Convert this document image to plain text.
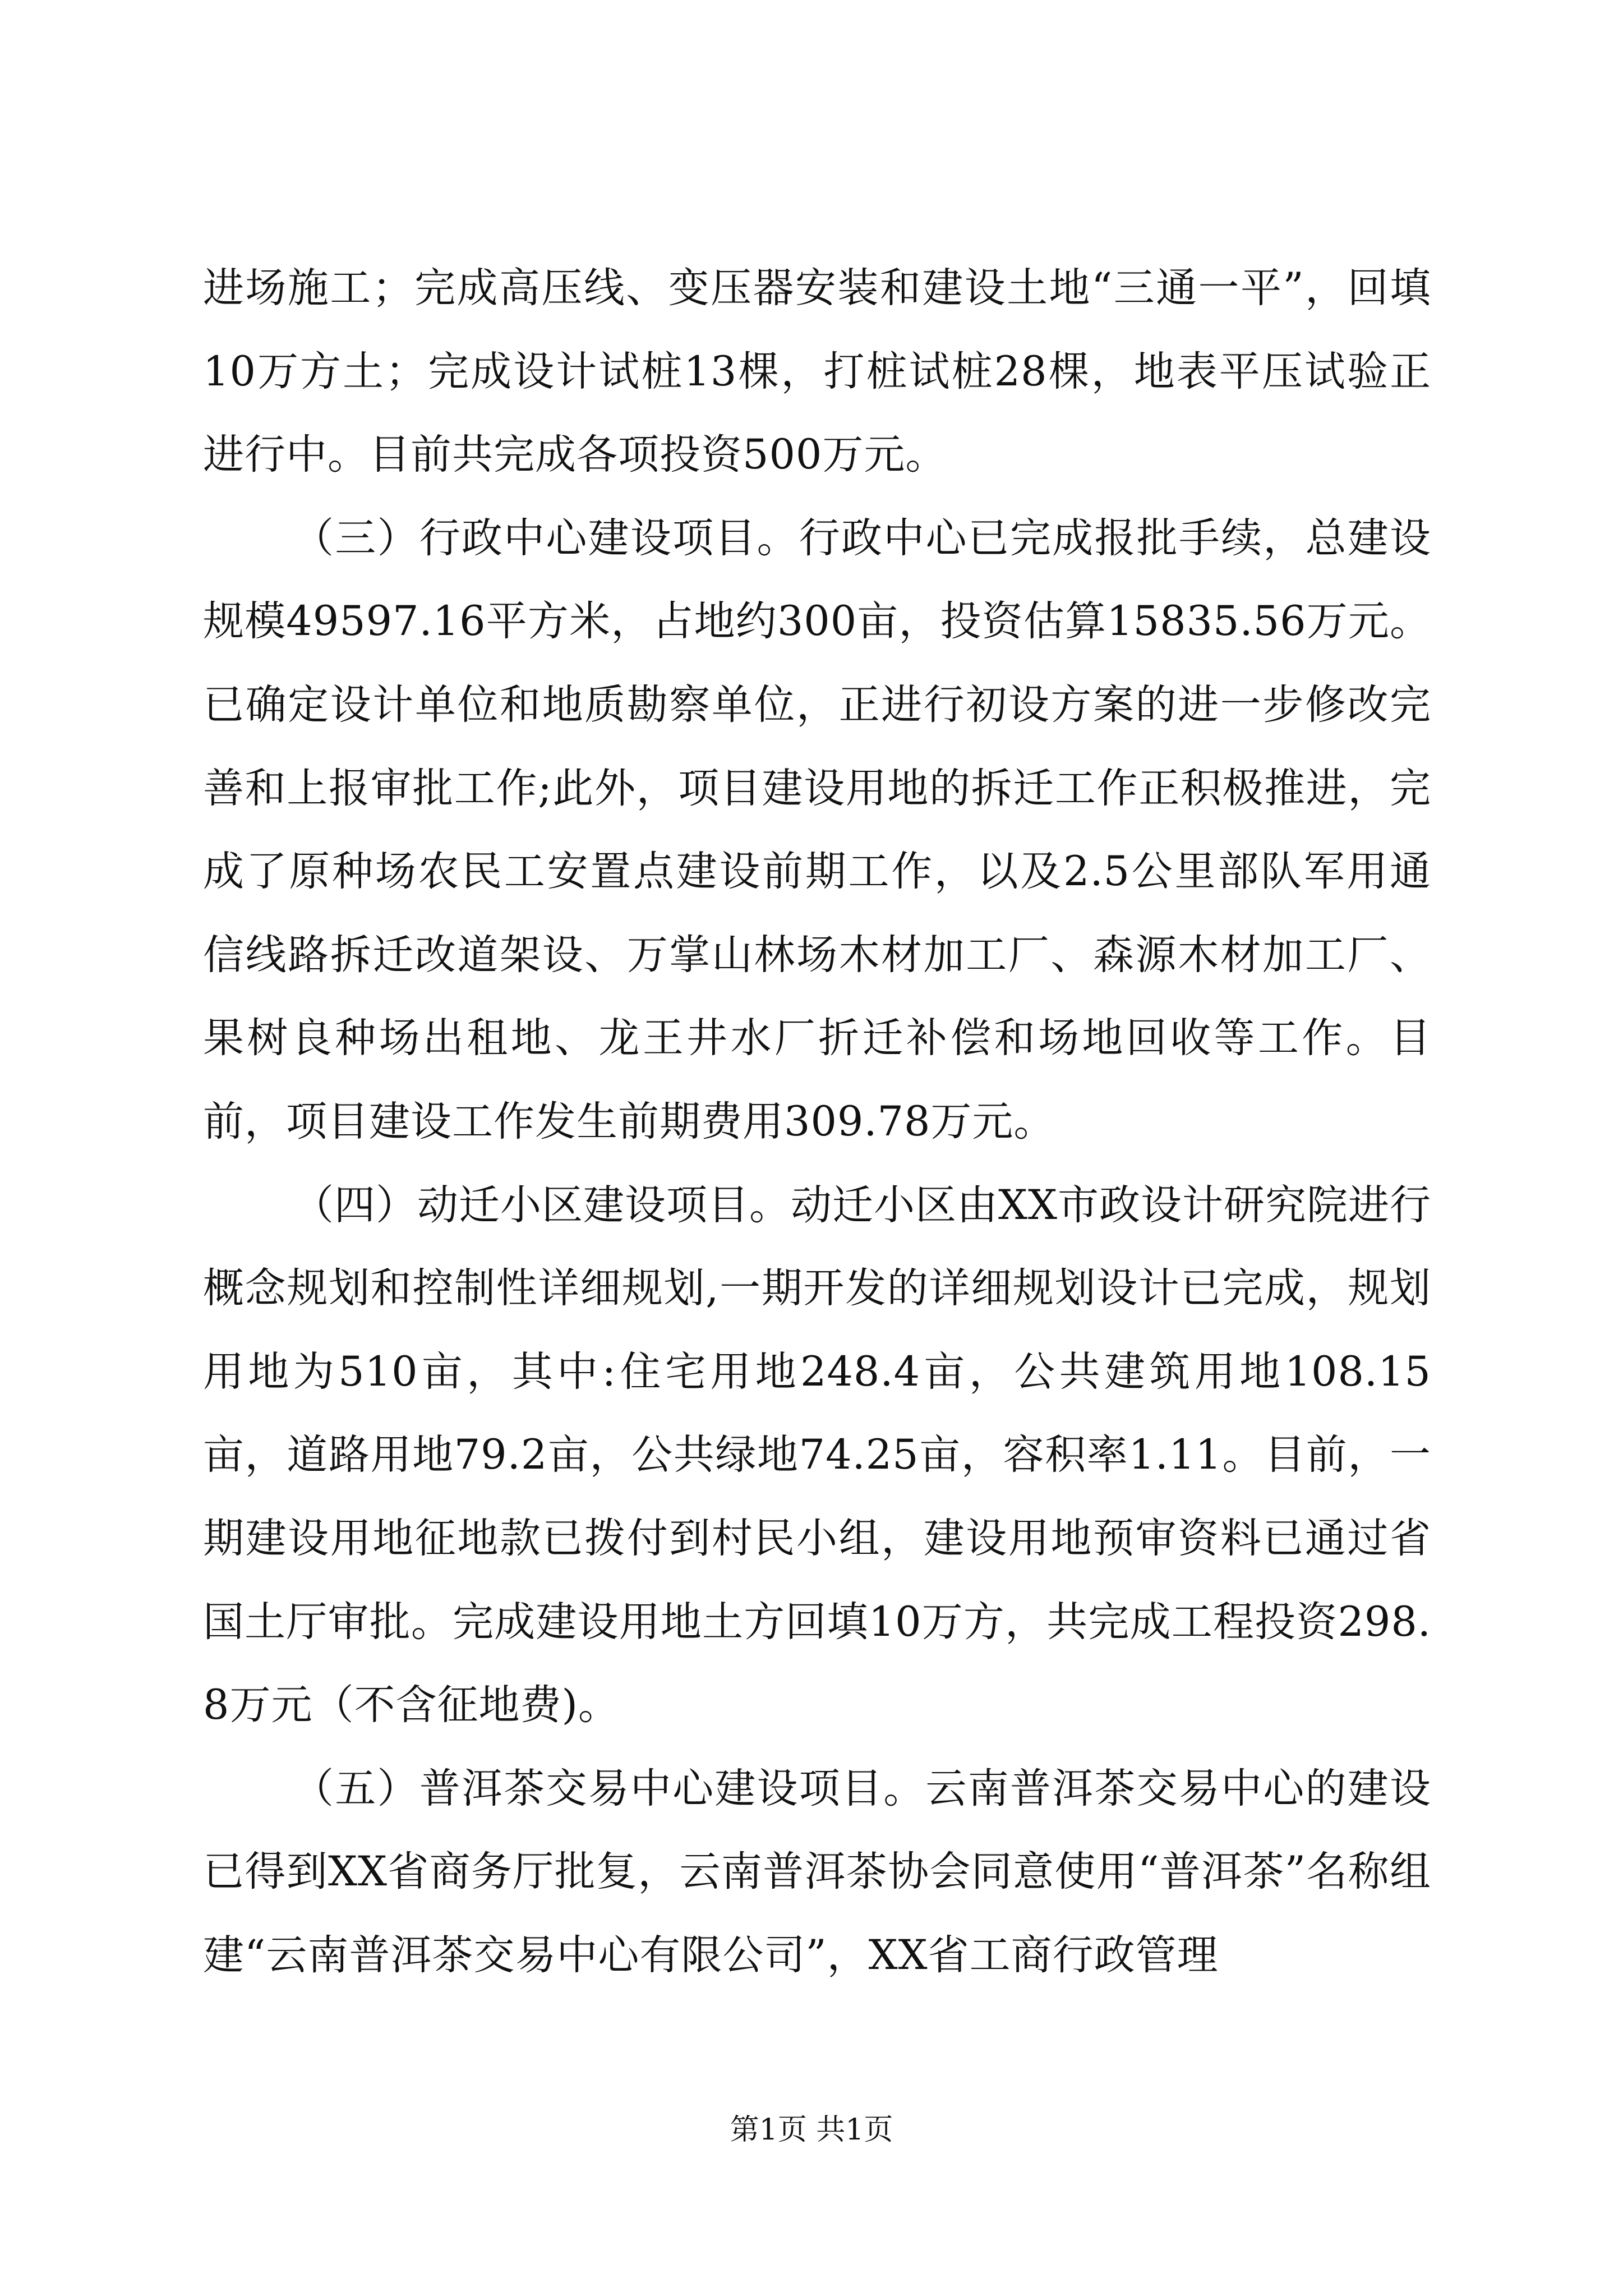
进场施工；完成高压线、变压器安装和建设土地“三通一平”，回填10万方土；完成设计试桩13棵，打桩试桩28棵，地表平压试验正进行中。目前共完成各项投资500万元。

（三）行政中心建设项目。行政中心已完成报批手续，总建设规模49597.16平方米，占地约300亩，投资估算15835.56万元。已确定设计单位和地质勘察单位，正进行初设方案的进一步修改完善和上报审批工作;此外，项目建设用地的拆迁工作正积极推进，完成了原种场农民工安置点建设前期工作，以及2.5公里部队军用通信线路拆迁改道架设、万掌山林场木材加工厂、森源木材加工厂、果树良种场出租地、龙王井水厂折迁补偿和场地回收等工作。目前，项目建设工作发生前期费用309.78万元。

（四）动迁小区建设项目。动迁小区由XX市政设计研究院进行概念规划和控制性详细规划,一期开发的详细规划设计已完成，规划用地为510亩，其中:住宅用地248.4亩，公共建筑用地108.15亩，道路用地79.2亩，公共绿地74.25亩，容积率1.11。目前，一期建设用地征地款已拨付到村民小组，建设用地预审资料已通过省国土厅审批。完成建设用地土方回填10万方，共完成工程投资298.8万元（不含征地费)。

（五）普洱茶交易中心建设项目。云南普洱茶交易中心的建设已得到XX省商务厅批复，云南普洱茶协会同意使用“普洱茶”名称组建“云南普洱茶交易中心有限公司”，XX省工商行政管理

第1页 共1页
